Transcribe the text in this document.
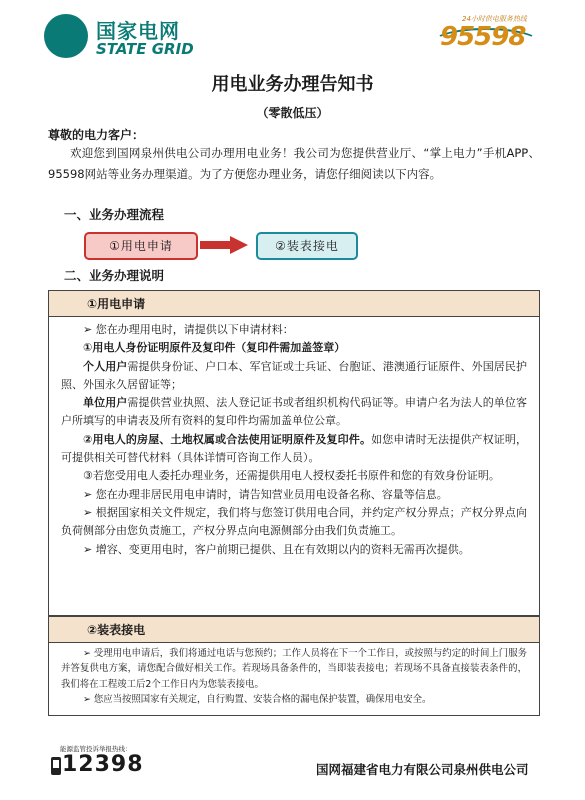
国家电网
STATE GRID
24小时供电服务热线
95598
用电业务办理告知书
（零散低压）
尊敬的电力客户：
欢迎您到国网泉州供电公司办理用电业务！我公司为您提供营业厅、“掌上电力”手机APP、95598网站等业务办理渠道。为了方便您办理业务，请您仔细阅读以下内容。
一、业务办理流程
①用电申请	②装表接电
二、业务办理说明
①用电申请

➢ 您在办理用电时，请提供以下申请材料：

①用电人身份证明原件及复印件（复印件需加盖签章）

个人用户需提供身份证、户口本、军官证或士兵证、台胞证、港澳通行证原件、外国居民护照、外国永久居留证等；

单位用户需提供营业执照、法人登记证书或者组织机构代码证等。申请户名为法人的单位客户所填写的申请表及所有资料的复印件均需加盖单位公章。

②用电人的房屋、土地权属或合法使用证明原件及复印件。如您申请时无法提供产权证明，可提供相关可替代材料（具体详情可咨询工作人员）。

③若您受用电人委托办理业务，还需提供用电人授权委托书原件和您的有效身份证明。

➢ 您在办理非居民用电申请时，请告知营业员用电设备名称、容量等信息。

➢ 根据国家相关文件规定，我们将与您签订供用电合同，并约定产权分界点；产权分界点向负荷侧部分由您负责施工，产权分界点向电源侧部分由我们负责施工。

➢ 增容、变更用电时，客户前期已提供、且在有效期以内的资料无需再次提供。

②装表接电

➢ 受理用电申请后，我们将通过电话与您预约；工作人员将在下一个工作日，或按照与约定的时间上门服务并答复供电方案，请您配合做好相关工作。若现场具备条件的，当即装表接电；若现场不具备直接装表条件的，我们将在工程竣工后2个工作日内为您装表接电。

➢ 您应当按照国家有关规定，自行购置、安装合格的漏电保护装置，确保用电安全。

能源监管投诉举报热线：
12398	国网福建省电力有限公司泉州供电公司
